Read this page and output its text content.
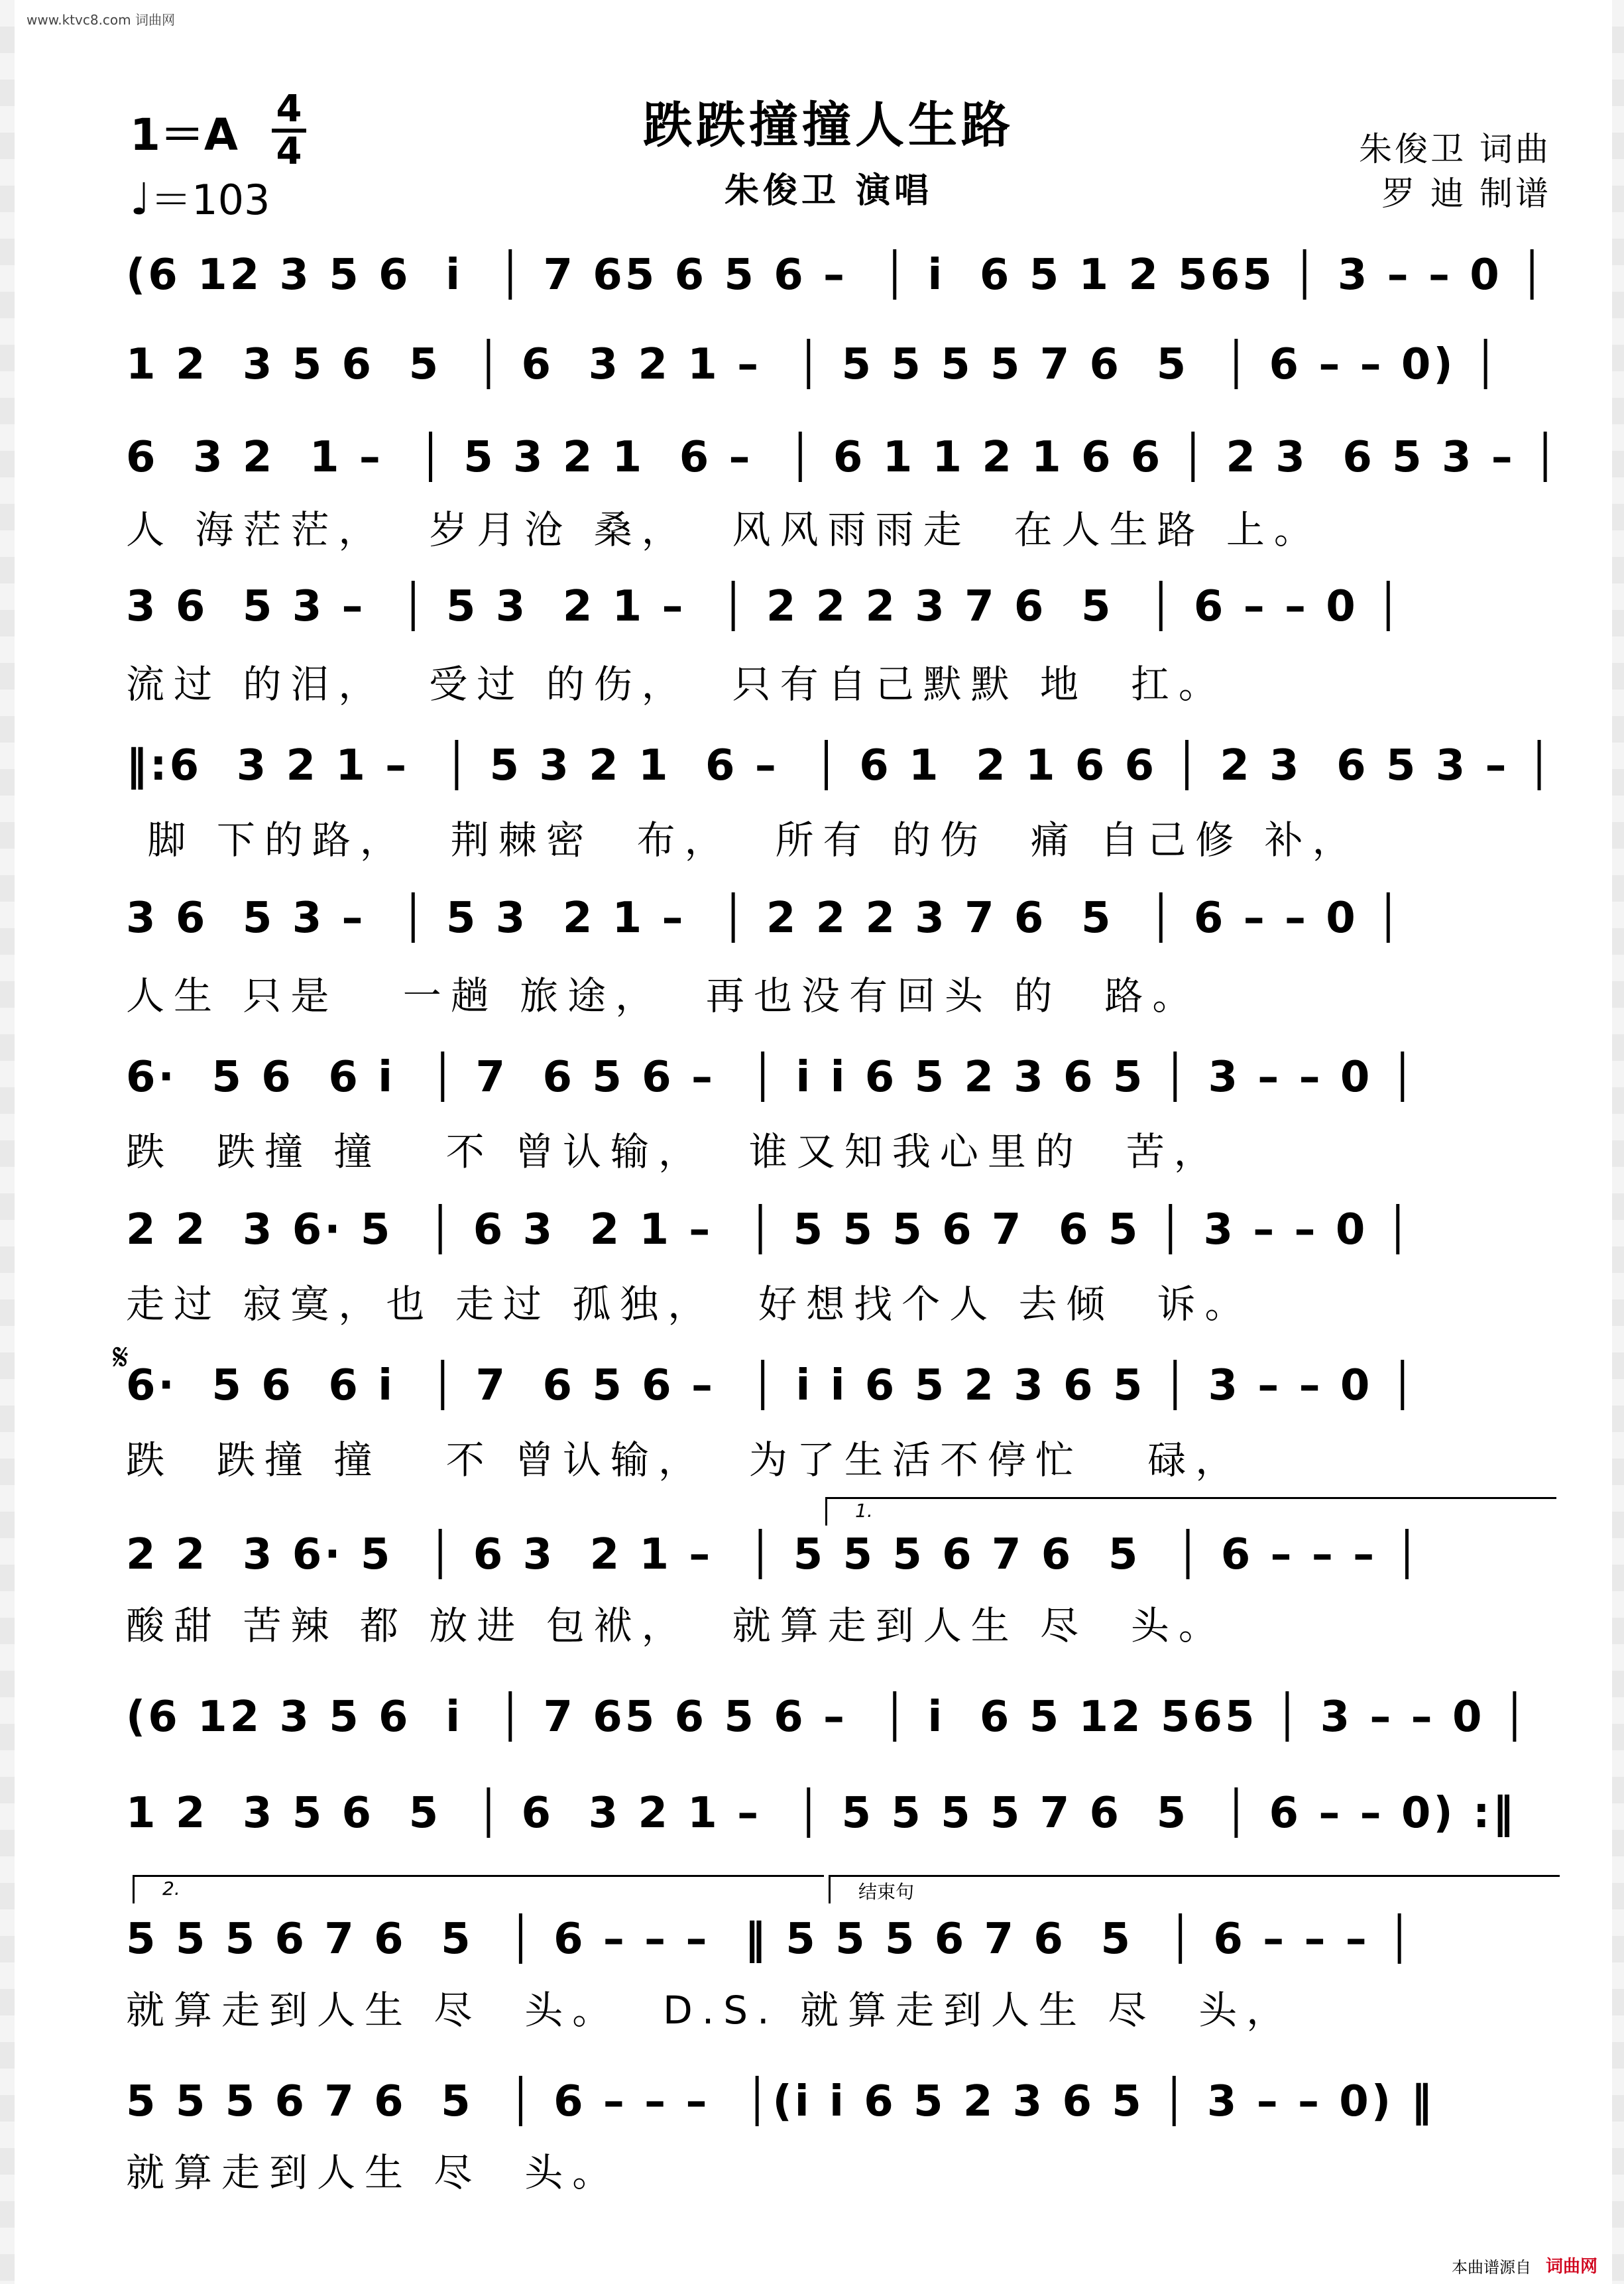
www.ktvc8.com 词曲网
1＝A
4
4
♩＝103
跌跌撞撞人生路
朱俊卫 演唱
朱俊卫 词曲
罗 迪 制谱
(6 12 3 5 6  i  │ 7 65 6 5 6 –  │ i  6 5 1 2 565 │ 3 – – 0 │
1 2  3 5 6  5  │ 6  3 2 1 –  │ 5 5 5 5 7 6  5  │ 6 – – 0) │
6  3 2  1 –  │ 5 3 2 1  6 –  │ 6 1 1 2 1 6 6 │ 2 3  6 5 3 – │
人 海茫茫，  岁月沧 桑，  风风雨雨走  在人生路 上。
3 6  5 3 –  │ 5 3  2 1 –  │ 2 2 2 3 7 6  5  │ 6 – – 0 │
流过 的泪，  受过 的伤，  只有自己默默 地  扛。
‖:6  3 2 1 –  │ 5 3 2 1  6 –  │ 6 1  2 1 6 6 │ 2 3  6 5 3 – │
脚 下的路，  荆棘密  布，  所有 的伤  痛 自己修 补，
3 6  5 3 –  │ 5 3  2 1 –  │ 2 2 2 3 7 6  5  │ 6 – – 0 │
人生 只是   一趟 旅途，  再也没有回头 的  路。
6·  5 6  6 i  │ 7  6 5 6 –  │ i i 6 5 2 3 6 5 │ 3 – – 0 │
跌  跌撞 撞   不 曾认输，  谁又知我心里的  苦，
2 2  3 6· 5  │ 6 3  2 1 –  │ 5 5 5 6 7  6 5 │ 3 – – 0 │
走过 寂寞，也 走过 孤独，  好想找个人 去倾  诉。
𝄋
6·  5 6  6 i  │ 7  6 5 6 –  │ i i 6 5 2 3 6 5 │ 3 – – 0 │
跌  跌撞 撞   不 曾认输，  为了生活不停忙   碌，
1.
2 2  3 6· 5  │ 6 3  2 1 –  │ 5 5 5 6 7 6  5  │ 6 – – – │
酸甜 苦辣 都 放进 包袱，  就算走到人生 尽  头。
(6 12 3 5 6  i  │ 7 65 6 5 6 –  │ i  6 5 12 565 │ 3 – – 0 │
1 2  3 5 6  5  │ 6  3 2 1 –  │ 5 5 5 5 7 6  5  │ 6 – – 0) :‖
2.	结束句
5 5 5 6 7 6  5  │ 6 – – –  ‖ 5 5 5 6 7 6  5  │ 6 – – – │
就算走到人生 尽  头。  D.S. 就算走到人生 尽  头，
5 5 5 6 7 6  5  │ 6 – – –  │(i i 6 5 2 3 6 5 │ 3 – – 0) ‖
就算走到人生 尽  头。
本曲谱源自 词曲网
